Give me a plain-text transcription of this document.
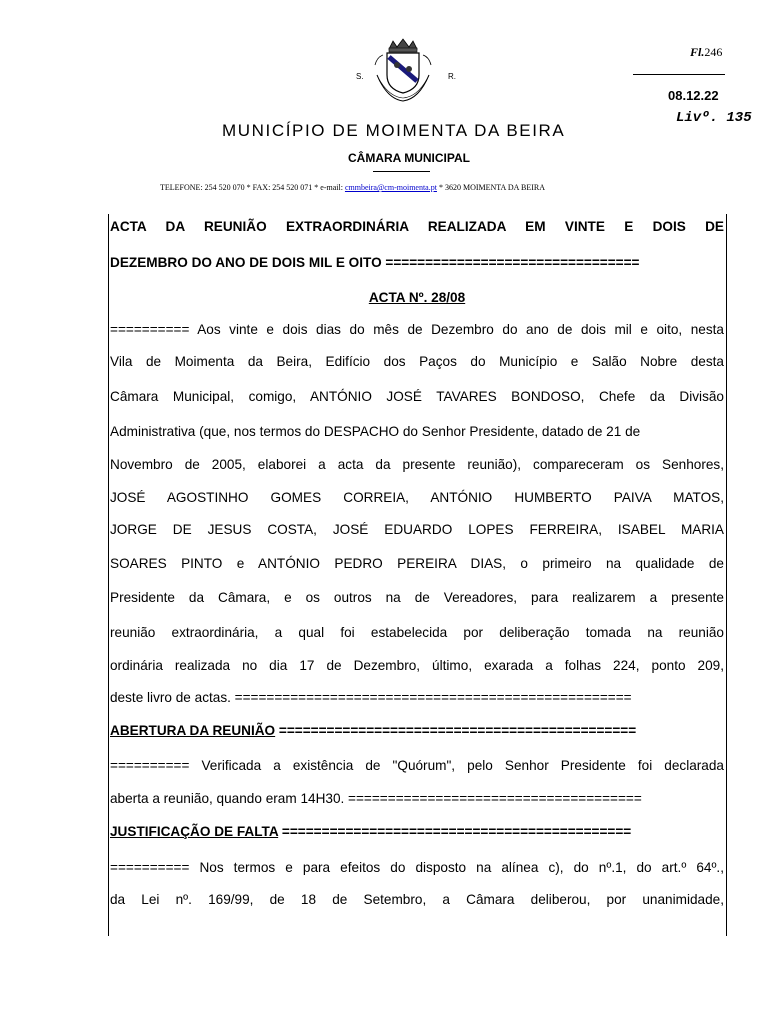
S.	R.
Fl.246
08.12.22
Livº. 135
MUNICÍPIO DE MOIMENTA DA BEIRA
CÂMARA MUNICIPAL
TELEFONE: 254 520 070 * FAX: 254 520 071 * e-mail: cmmbeira@cm-moimenta.pt * 3620 MOIMENTA DA BEIRA
ACTA DA REUNIÃO EXTRAORDINÁRIA REALIZADA EM VINTE E DOIS DE
DEZEMBRO DO ANO DE DOIS MIL E OITO ================================
ACTA Nº. 28/08
========== Aos vinte e dois dias do mês de Dezembro do ano de dois mil e oito, nesta
Vila de Moimenta da Beira, Edifício dos Paços do Município e Salão Nobre desta
Câmara Municipal, comigo, ANTÓNIO JOSÉ TAVARES BONDOSO, Chefe da Divisão
Administrativa (que, nos termos do DESPACHO do Senhor Presidente, datado de 21 de
Novembro de 2005, elaborei a acta da presente reunião), compareceram os Senhores,
JOSÉ AGOSTINHO GOMES CORREIA, ANTÓNIO HUMBERTO PAIVA MATOS,
JORGE DE JESUS COSTA, JOSÉ EDUARDO LOPES FERREIRA, ISABEL MARIA
SOARES PINTO e ANTÓNIO PEDRO PEREIRA DIAS, o primeiro na qualidade de
Presidente da Câmara, e os outros na de Vereadores, para realizarem a presente
reunião extraordinária, a qual foi estabelecida por deliberação tomada na reunião
ordinária realizada no dia 17 de Dezembro, último, exarada a folhas 224, ponto 209,
deste livro de actas. ==================================================
ABERTURA DA REUNIÃO =============================================
========== Verificada a existência de "Quórum", pelo Senhor Presidente foi declarada
aberta a reunião, quando eram 14H30. =====================================
JUSTIFICAÇÃO DE FALTA ============================================
========== Nos termos e para efeitos do disposto na alínea c), do nº.1, do art.º 64º.,
da Lei nº. 169/99, de 18 de Setembro, a Câmara deliberou, por unanimidade,
